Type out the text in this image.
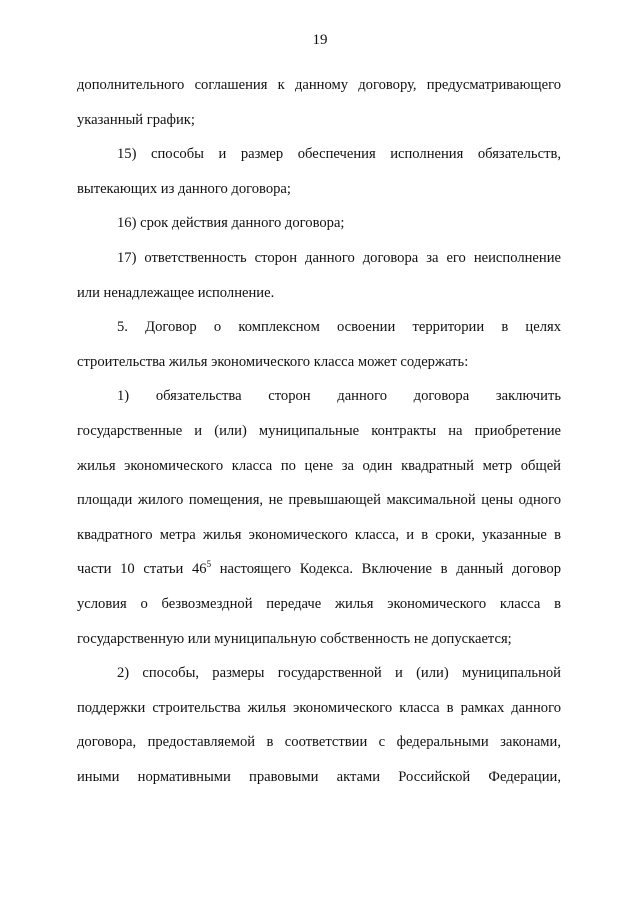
19
дополнительного соглашения к данному договору, предусматривающего
указанный график;
15) способы и размер обеспечения исполнения обязательств,
вытекающих из данного договора;
16) срок действия данного договора;
17) ответственность сторон данного договора за его неисполнение
или ненадлежащее исполнение.
5. Договор о комплексном освоении территории в целях
строительства жилья экономического класса может содержать:
1) обязательства сторон данного договора заключить
государственные и (или) муниципальные контракты на приобретение
жилья экономического класса по цене за один квадратный метр общей
площади жилого помещения, не превышающей максимальной цены одного
квадратного метра жилья экономического класса, и в сроки, указанные в
части 10 статьи $46^5$ настоящего Кодекса. Включение в данный договор
условия о безвозмездной передаче жилья экономического класса в
государственную или муниципальную собственность не допускается;
2) способы, размеры государственной и (или) муниципальной
поддержки строительства жилья экономического класса в рамках данного
договора, предоставляемой в соответствии с федеральными законами,
иными нормативными правовыми актами Российской Федерации,
